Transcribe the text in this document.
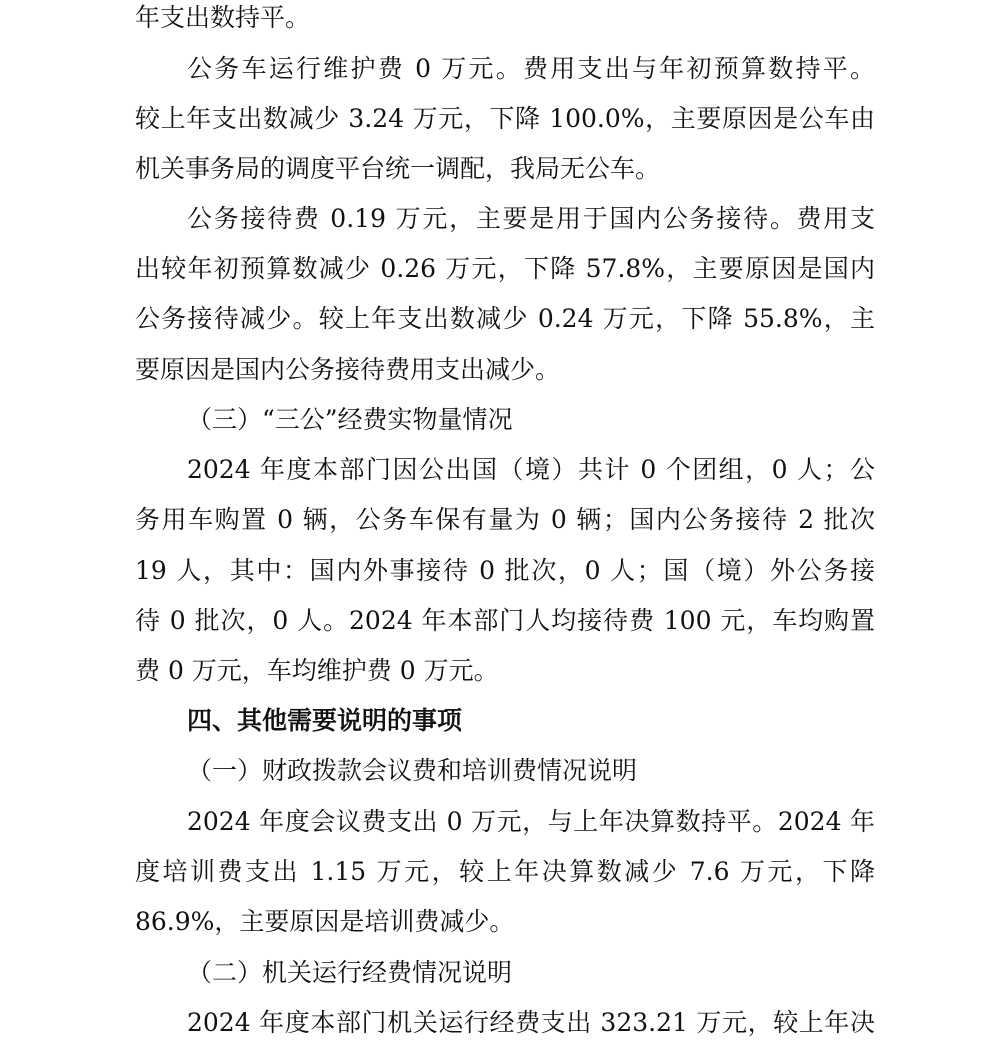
年支出数持平。
公务车运行维护费 0 万元。费用支出与年初预算数持平。
较上年支出数减少 3.24 万元，下降 100.0%，主要原因是公车由
机关事务局的调度平台统一调配，我局无公车。
公务接待费 0.19 万元，主要是用于国内公务接待。费用支
出较年初预算数减少 0.26 万元，下降 57.8%，主要原因是国内
公务接待减少。较上年支出数减少 0.24 万元，下降 55.8%，主
要原因是国内公务接待费用支出减少。
（三）“三公”经费实物量情况
2024 年度本部门因公出国（境）共计 0 个团组，0 人；公
务用车购置 0 辆，公务车保有量为 0 辆；国内公务接待 2 批次
19 人，其中：国内外事接待 0 批次，0 人；国（境）外公务接
待 0 批次，0 人。2024 年本部门人均接待费 100 元，车均购置
费 0 万元，车均维护费 0 万元。
四、其他需要说明的事项
（一）财政拨款会议费和培训费情况说明
2024 年度会议费支出 0 万元，与上年决算数持平。2024 年
度培训费支出 1.15 万元，较上年决算数减少 7.6 万元，下降
86.9%，主要原因是培训费减少。
（二）机关运行经费情况说明
2024 年度本部门机关运行经费支出 323.21 万元，较上年决
